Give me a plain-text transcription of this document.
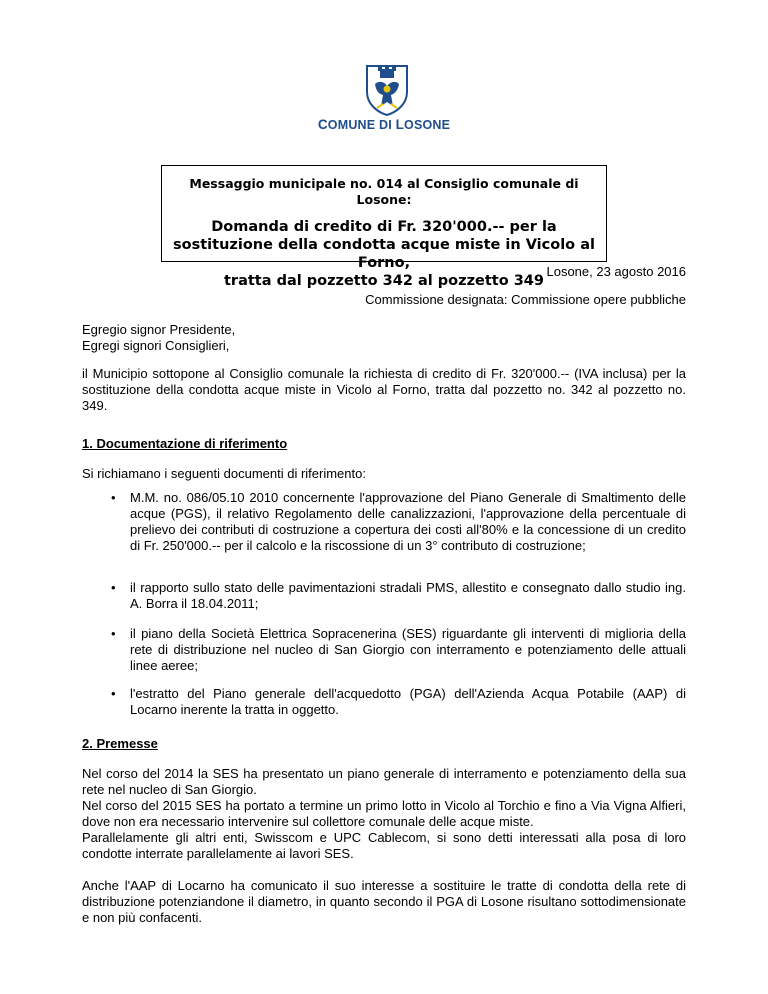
COMUNE DI LOSONE
Messaggio municipale no. 014 al Consiglio comunale di Losone:
Domanda di credito di Fr. 320'000.-- per la
sostituzione della condotta acque miste in Vicolo al Forno,
tratta dal pozzetto 342 al pozzetto 349
Losone, 23 agosto 2016
Commissione designata: Commissione opere pubbliche
Egregio signor Presidente,
Egregi signori Consiglieri,
il Municipio sottopone al Consiglio comunale la richiesta di credito di Fr. 320'000.-- (IVA inclusa) per la sostituzione della condotta acque miste in Vicolo al Forno, tratta dal pozzetto no. 342 al pozzetto no. 349.
1. Documentazione di riferimento
Si richiamano i seguenti documenti di riferimento:
• M.M. no. 086/05.10 2010 concernente l'approvazione del Piano Generale di Smaltimento delle acque (PGS), il relativo Regolamento delle canalizzazioni, l'approvazione della percentuale di prelievo dei contributi di costruzione a copertura dei costi all'80% e la concessione di un credito di Fr. 250'000.-- per il calcolo e la riscossione di un 3° contributo di costruzione;
• il rapporto sullo stato delle pavimentazioni stradali PMS, allestito e consegnato dallo studio ing. A. Borra il 18.04.2011;
• il piano della Società Elettrica Sopracenerina (SES) riguardante gli interventi di miglioria della rete di distribuzione nel nucleo di San Giorgio con interramento e potenziamento delle attuali linee aeree;
• l'estratto del Piano generale dell'acquedotto (PGA) dell'Azienda Acqua Potabile (AAP) di Locarno inerente la tratta in oggetto.
2. Premesse
Nel corso del 2014 la SES ha presentato un piano generale di interramento e potenziamento della sua rete nel nucleo di San Giorgio.
Nel corso del 2015 SES ha portato a termine un primo lotto in Vicolo al Torchio e fino a Via Vigna Alfieri, dove non era necessario intervenire sul collettore comunale delle acque miste.
Parallelamente gli altri enti, Swisscom e UPC Cablecom, si sono detti interessati alla posa di loro condotte interrate parallelamente ai lavori SES.
Anche l'AAP di Locarno ha comunicato il suo interesse a sostituire le tratte di condotta della rete di distribuzione potenziandone il diametro, in quanto secondo il PGA di Losone risultano sottodimensionate e non più confacenti.
